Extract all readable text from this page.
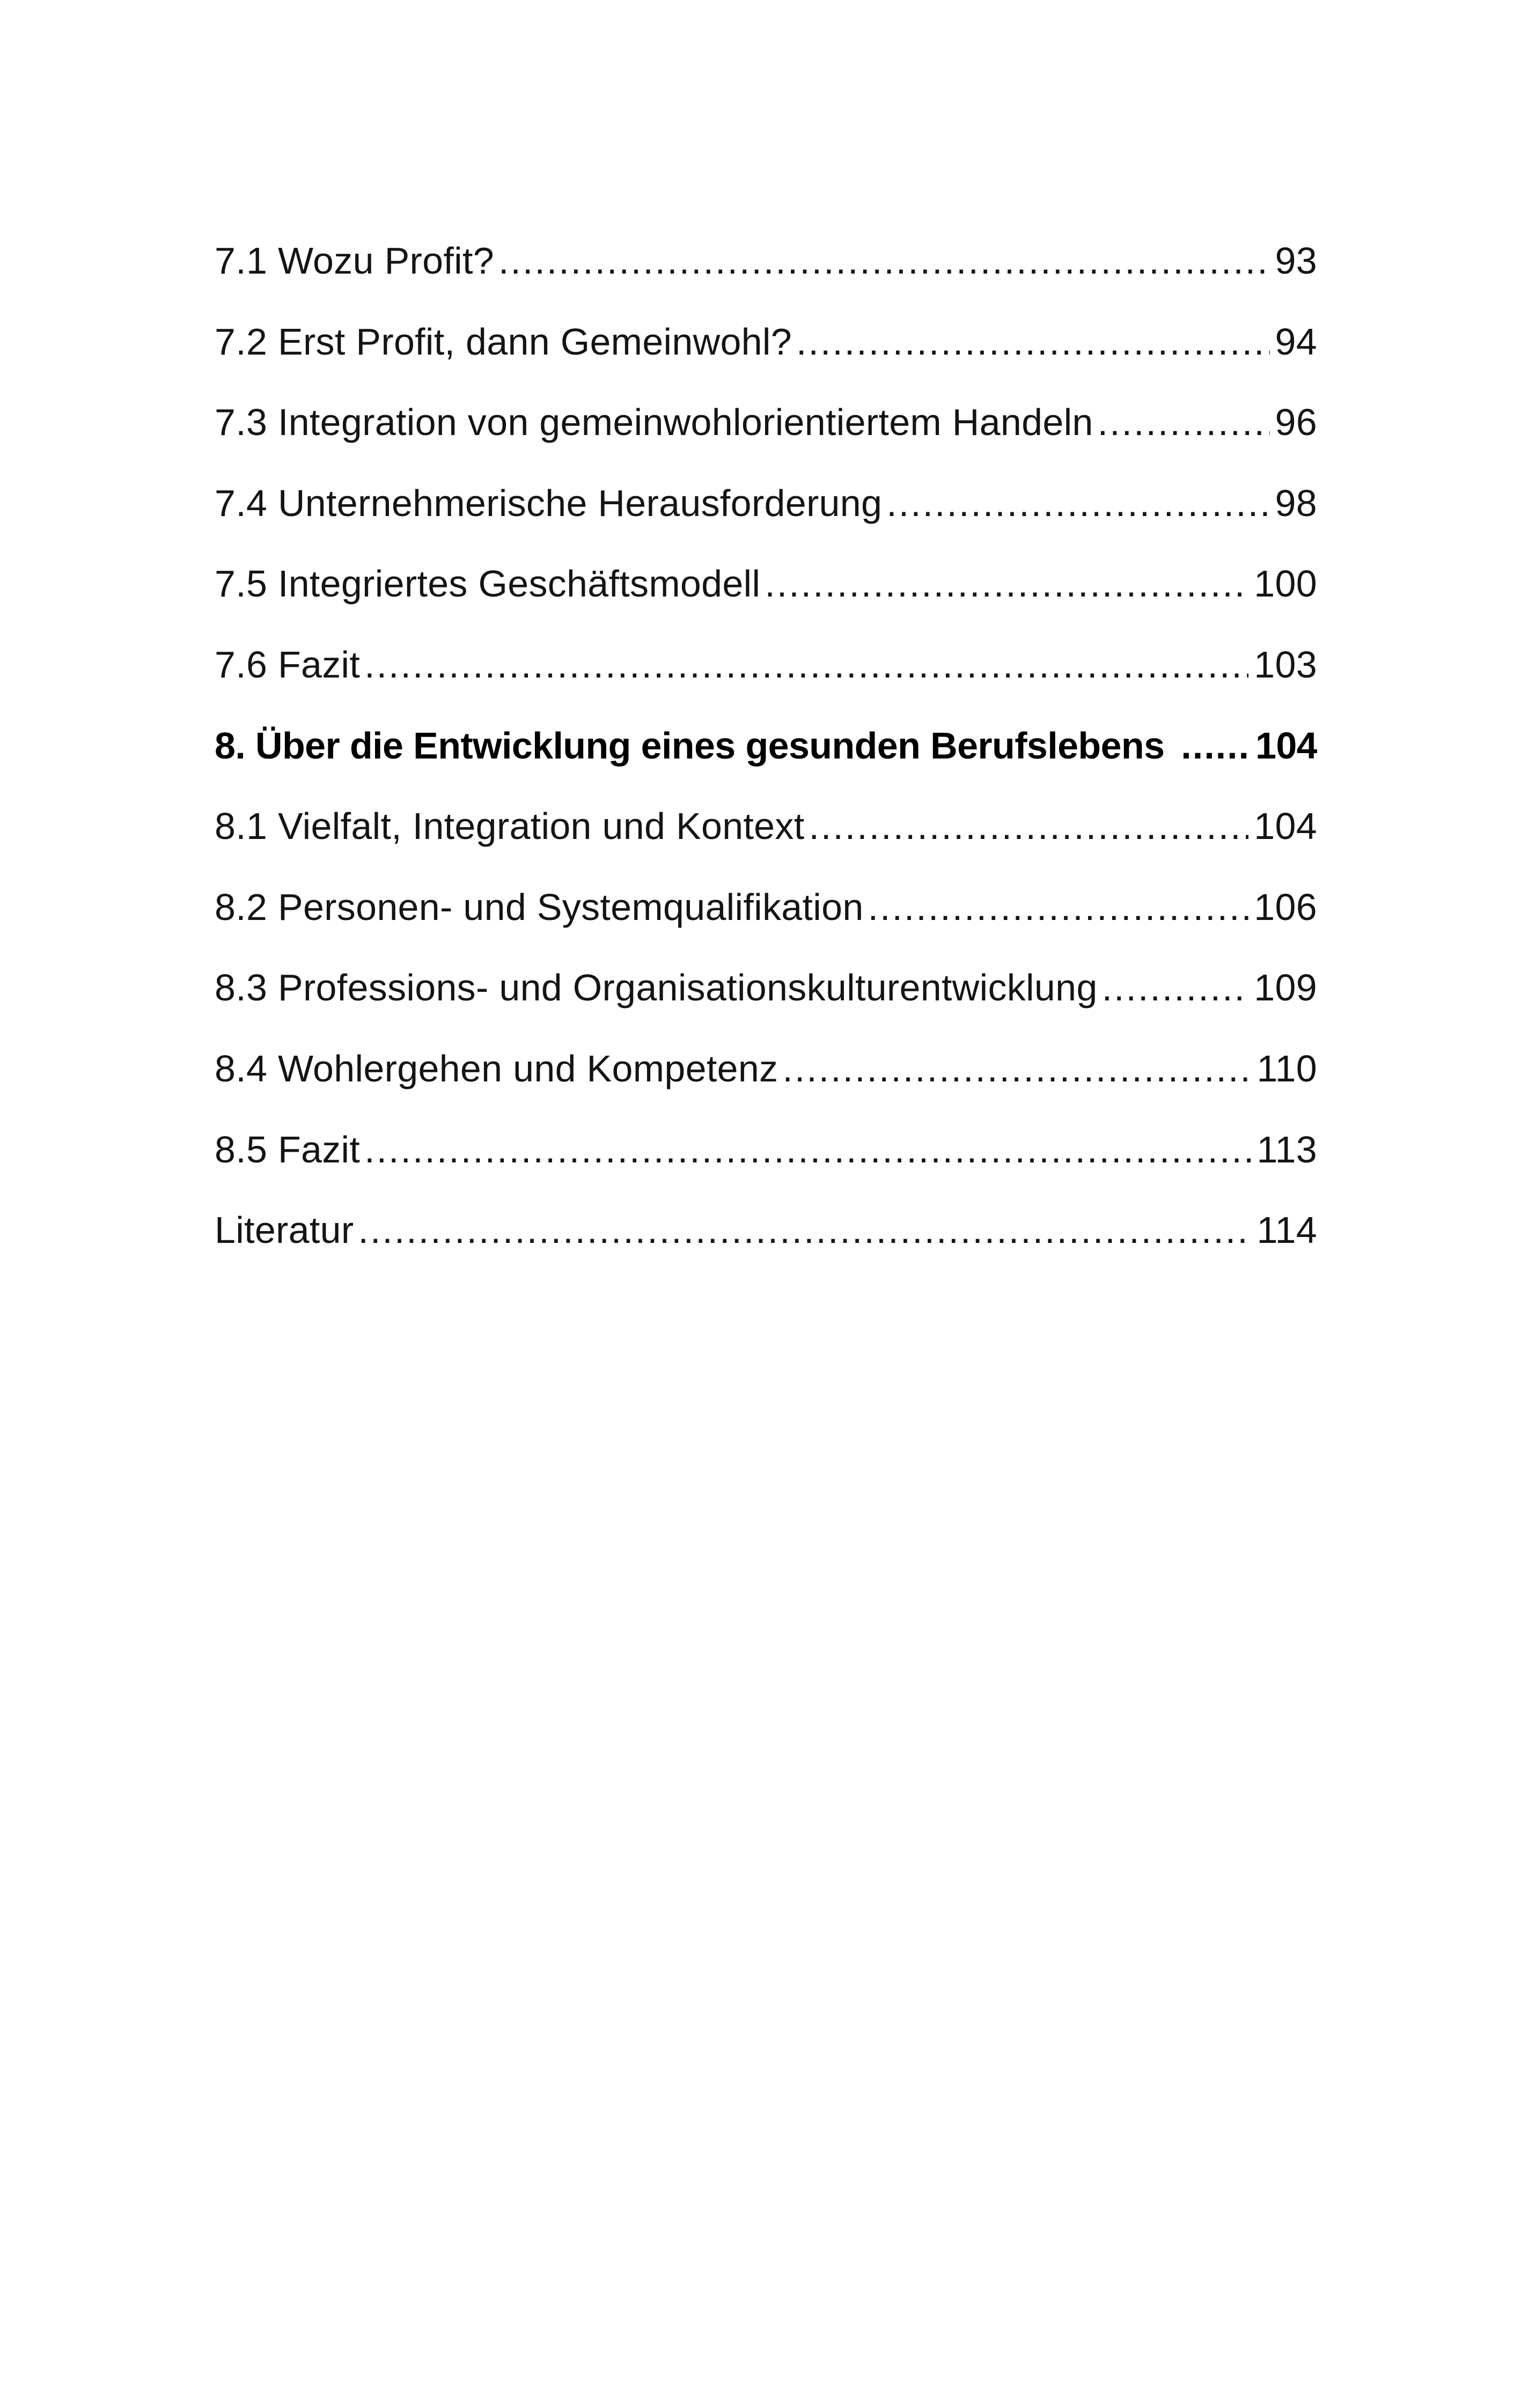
7.1 Wozu Profit? .....	93
7.2 Erst Profit, dann Gemeinwohl? .....	94
7.3 Integration von gemeinwohlorientiertem Handeln .....	96
7.4 Unternehmerische Herausforderung .....	98
7.5 Integriertes Geschäftsmodell .....	100
7.6 Fazit .....	103
8. Über die Entwicklung eines gesunden Berufslebens ......	104
8.1 Vielfalt, Integration und Kontext .....	104
8.2 Personen- und Systemqualifikation .....	106
8.3 Professions- und Organisationskulturentwicklung .....	109
8.4 Wohlergehen und Kompetenz .....	110
8.5 Fazit .....	113
Literatur .....	114
